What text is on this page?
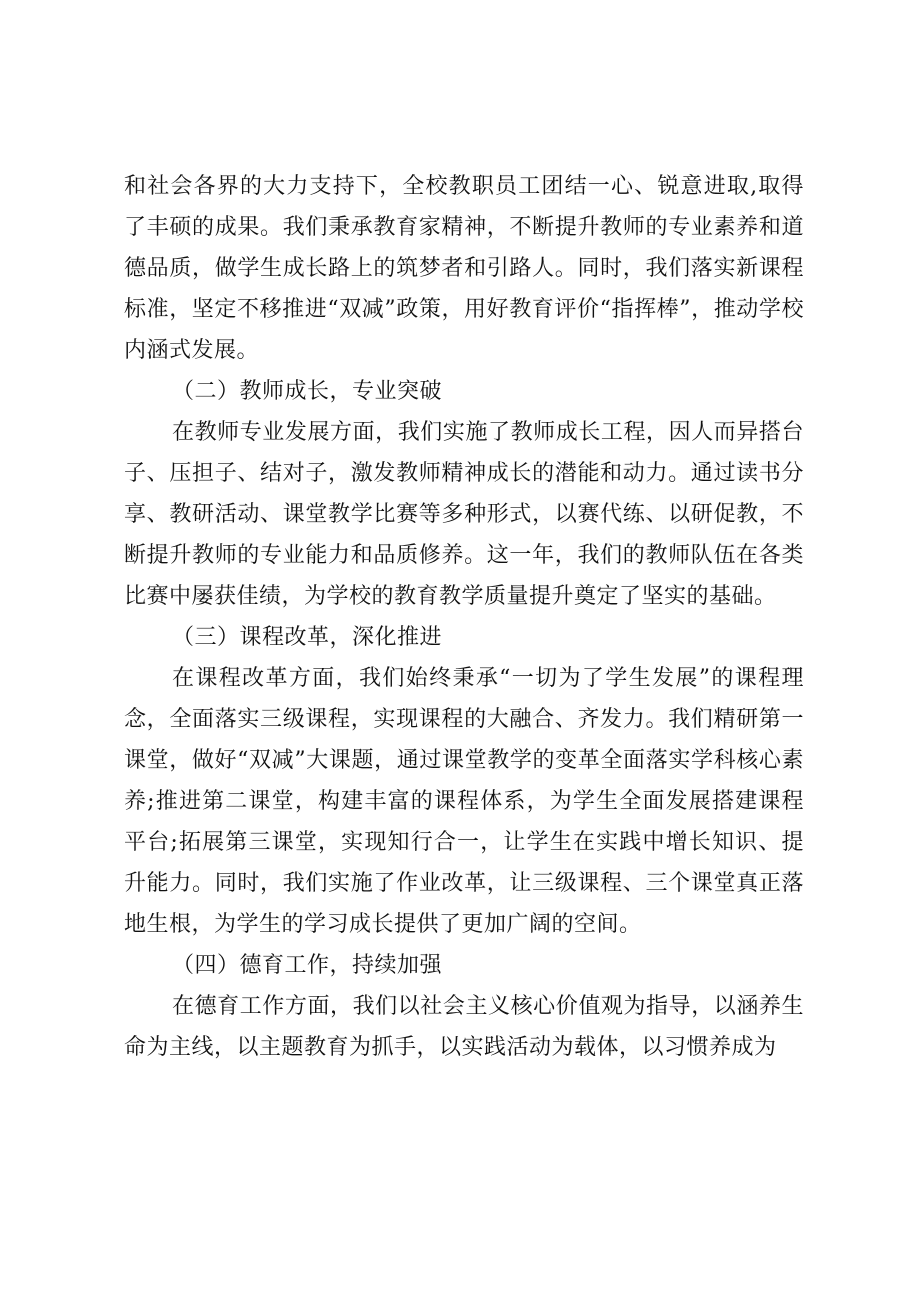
和社会各界的大力支持下，全校教职员工团结一心、锐意进取,取得了丰硕的成果。我们秉承教育家精神，不断提升教师的专业素养和道德品质，做学生成长路上的筑梦者和引路人。同时，我们落实新课程标准，坚定不移推进“双减”政策，用好教育评价“指挥棒”，推动学校内涵式发展。

（二）教师成长，专业突破

在教师专业发展方面，我们实施了教师成长工程，因人而异搭台子、压担子、结对子，激发教师精神成长的潜能和动力。通过读书分享、教研活动、课堂教学比赛等多种形式，以赛代练、以研促教，不断提升教师的专业能力和品质修养。这一年，我们的教师队伍在各类比赛中屡获佳绩，为学校的教育教学质量提升奠定了坚实的基础。

（三）课程改革，深化推进

在课程改革方面，我们始终秉承“一切为了学生发展”的课程理念，全面落实三级课程，实现课程的大融合、齐发力。我们精研第一课堂，做好“双减”大课题，通过课堂教学的变革全面落实学科核心素养;推进第二课堂，构建丰富的课程体系，为学生全面发展搭建课程平台;拓展第三课堂，实现知行合一，让学生在实践中增长知识、提升能力。同时，我们实施了作业改革，让三级课程、三个课堂真正落地生根，为学生的学习成长提供了更加广阔的空间。

（四）德育工作，持续加强

在德育工作方面，我们以社会主义核心价值观为指导，以涵养生命为主线，以主题教育为抓手，以实践活动为载体，以习惯养成为
